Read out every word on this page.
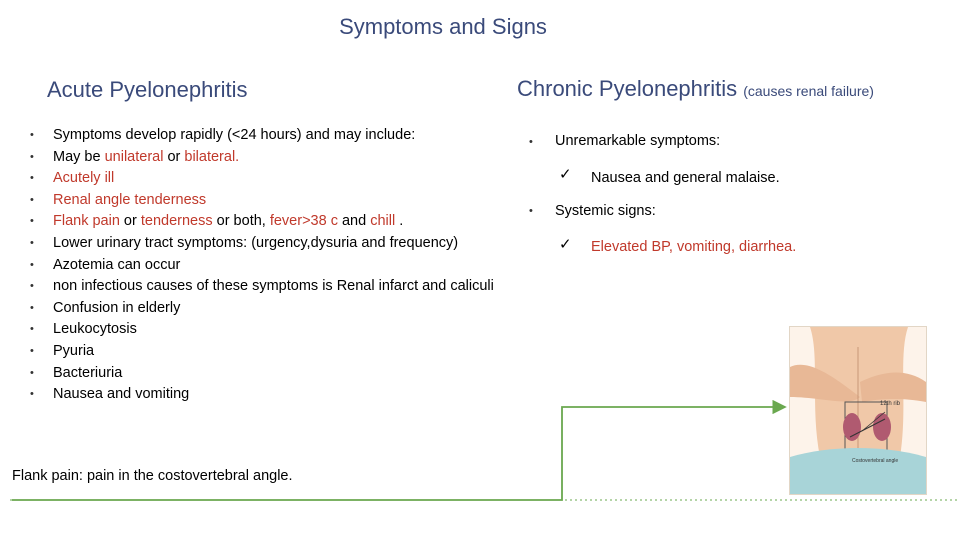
Symptoms and Signs
Acute Pyelonephritis	Chronic Pyelonephritis (causes renal failure)
• Symptoms develop rapidly (<24 hours) and may include:
• May be unilateral or bilateral.
• Acutely ill
• Renal angle tenderness
• Flank pain or tenderness or both, fever>38 c and chill .
• Lower urinary tract symptoms: (urgency,dysuria and frequency)
• Azotemia can occur
• non infectious causes of these symptoms is Renal infarct and caliculi
• Confusion in elderly
• Leukocytosis
• Pyuria
• Bacteriuria
• Nausea and vomiting
• Unremarkable symptoms:
✓ Nausea and general malaise.
• Systemic signs:
✓ Elevated BP, vomiting, diarrhea.

Flank pain: pain in the costovertebral angle.

12th rib
Costovertebral angle
